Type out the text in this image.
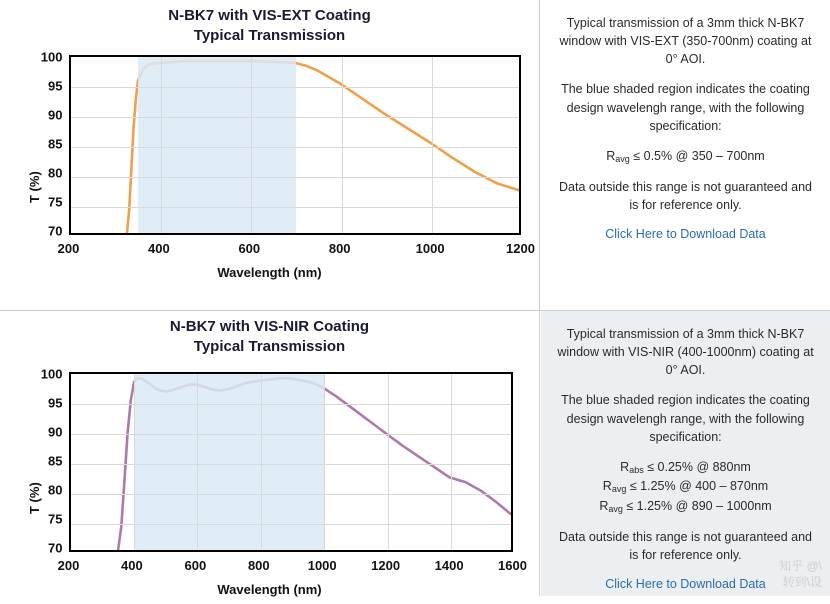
N-BK7 with VIS-EXT Coating
Typical Transmission
T (%)
100
95
90
85
80
75
70
200	400	600	800	1000	1200
Wavelength (nm)

Typical transmission of a 3mm thick N-BK7 window with VIS-EXT (350-700nm) coating at 0° AOI.

The blue shaded region indicates the coating design wavelengh range, with the following specification:

$R_{avg} \le 0.5\%$ @ 350 – 700nm

Data outside this range is not guaranteed and is for reference only.

Click Here to Download Data
N-BK7 with VIS-NIR Coating
Typical Transmission
T (%)
100
95
90
85
80
75
70
200	400	600	800	1000	1200	1400	1600
Wavelength (nm)

Typical transmission of a 3mm thick N-BK7 window with VIS-NIR (400-1000nm) coating at 0° AOI.

The blue shaded region indicates the coating design wavelengh range, with the following specification:

$R_{abs} \le 0.25\%$ @ 880nm
$R_{avg} \le 1.25\%$ @ 400 – 870nm
$R_{avg} \le 1.25\%$ @ 890 – 1000nm

Data outside this range is not guaranteed and is for reference only.

Click Here to Download Data
知乎 @\
转到\设
